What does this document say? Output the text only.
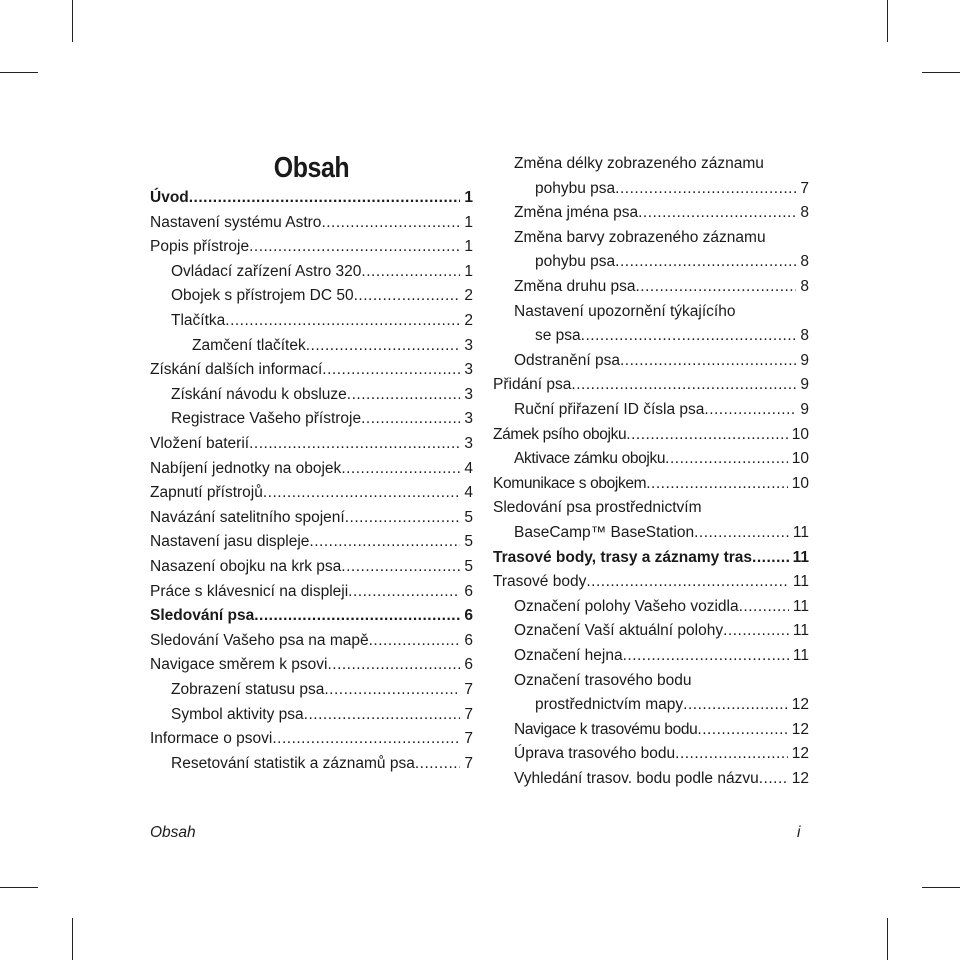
Obsah
Úvod .....	1
Nastavení systému Astro .....	1
Popis přístroje .....	1
Ovládací zařízení Astro 320 .....	1
Obojek s přístrojem DC 50 .....	2
Tlačítka .....	2
Zamčení tlačítek .....	3
Získání dalších informací .....	3
Získání návodu k obsluze .....	3
Registrace Vašeho přístroje .....	3
Vložení baterií .....	3
Nabíjení jednotky na obojek .....	4
Zapnutí přístrojů .....	4
Navázání satelitního spojení .....	5
Nastavení jasu displeje .....	5
Nasazení obojku na krk psa .....	5
Práce s klávesnicí na displeji .....	6
Sledování psa .....	6
Sledování Vašeho psa na mapě .....	6
Navigace směrem k psovi .....	6
Zobrazení statusu psa .....	7
Symbol aktivity psa .....	7
Informace o psovi .....	7
Resetování statistik a záznamů psa .....	7
Změna délky zobrazeného záznamu
pohybu psa .....	7
Změna jména psa .....	8
Změna barvy zobrazeného záznamu
pohybu psa .....	8
Změna druhu psa .....	8
Nastavení upozornění týkajícího
se psa .....	8
Odstranění psa .....	9
Přidání psa .....	9
Ruční přiřazení ID čísla psa .....	9
Zámek psího obojku .....	10
Aktivace zámku obojku .....	10
Komunikace s obojkem .....	10
Sledování psa prostřednictvím
BaseCamp™ BaseStation .....	11
Trasové body, trasy a záznamy tras .....	11
Trasové body .....	11
Označení polohy Vašeho vozidla .....	11
Označení Vaší aktuální polohy .....	11
Označení hejna .....	11
Označení trasového bodu
prostřednictvím mapy .....	12
Navigace k trasovému bodu .....	12
Úprava trasového bodu .....	12
Vyhledání trasov. bodu podle názvu ..... 12
Obsah	i
